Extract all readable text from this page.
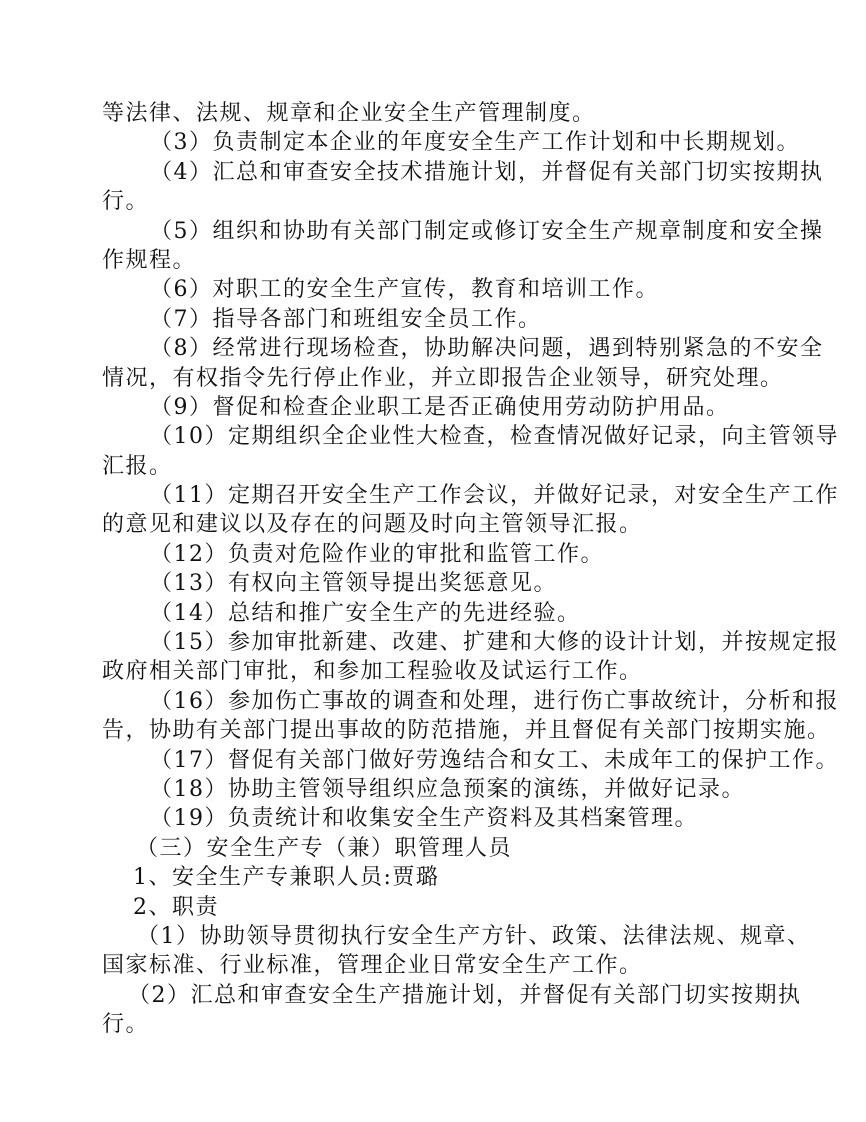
等法律、法规、规章和企业安全生产管理制度。
（3）负责制定本企业的年度安全生产工作计划和中长期规划。
（4）汇总和审查安全技术措施计划，并督促有关部门切实按期执
行。
（5）组织和协助有关部门制定或修订安全生产规章制度和安全操
作规程。
（6）对职工的安全生产宣传，教育和培训工作。
（7）指导各部门和班组安全员工作。
（8）经常进行现场检查，协助解决问题，遇到特别紧急的不安全
情况，有权指令先行停止作业，并立即报告企业领导，研究处理。
（9）督促和检查企业职工是否正确使用劳动防护用品。
（10）定期组织全企业性大检查，检查情况做好记录，向主管领导
汇报。
（11）定期召开安全生产工作会议，并做好记录，对安全生产工作
的意见和建议以及存在的问题及时向主管领导汇报。
（12）负责对危险作业的审批和监管工作。
（13）有权向主管领导提出奖惩意见。
（14）总结和推广安全生产的先进经验。
（15）参加审批新建、改建、扩建和大修的设计计划，并按规定报
政府相关部门审批，和参加工程验收及试运行工作。
（16）参加伤亡事故的调查和处理，进行伤亡事故统计，分析和报
告，协助有关部门提出事故的防范措施，并且督促有关部门按期实施。
（17）督促有关部门做好劳逸结合和女工、未成年工的保护工作。
（18）协助主管领导组织应急预案的演练，并做好记录。
（19）负责统计和收集安全生产资料及其档案管理。
（三）安全生产专（兼）职管理人员
1、安全生产专兼职人员:贾璐
2、职责
（1）协助领导贯彻执行安全生产方针、政策、法律法规、规章、
国家标准、行业标准，管理企业日常安全生产工作。
（2）汇总和审查安全生产措施计划，并督促有关部门切实按期执
行。
